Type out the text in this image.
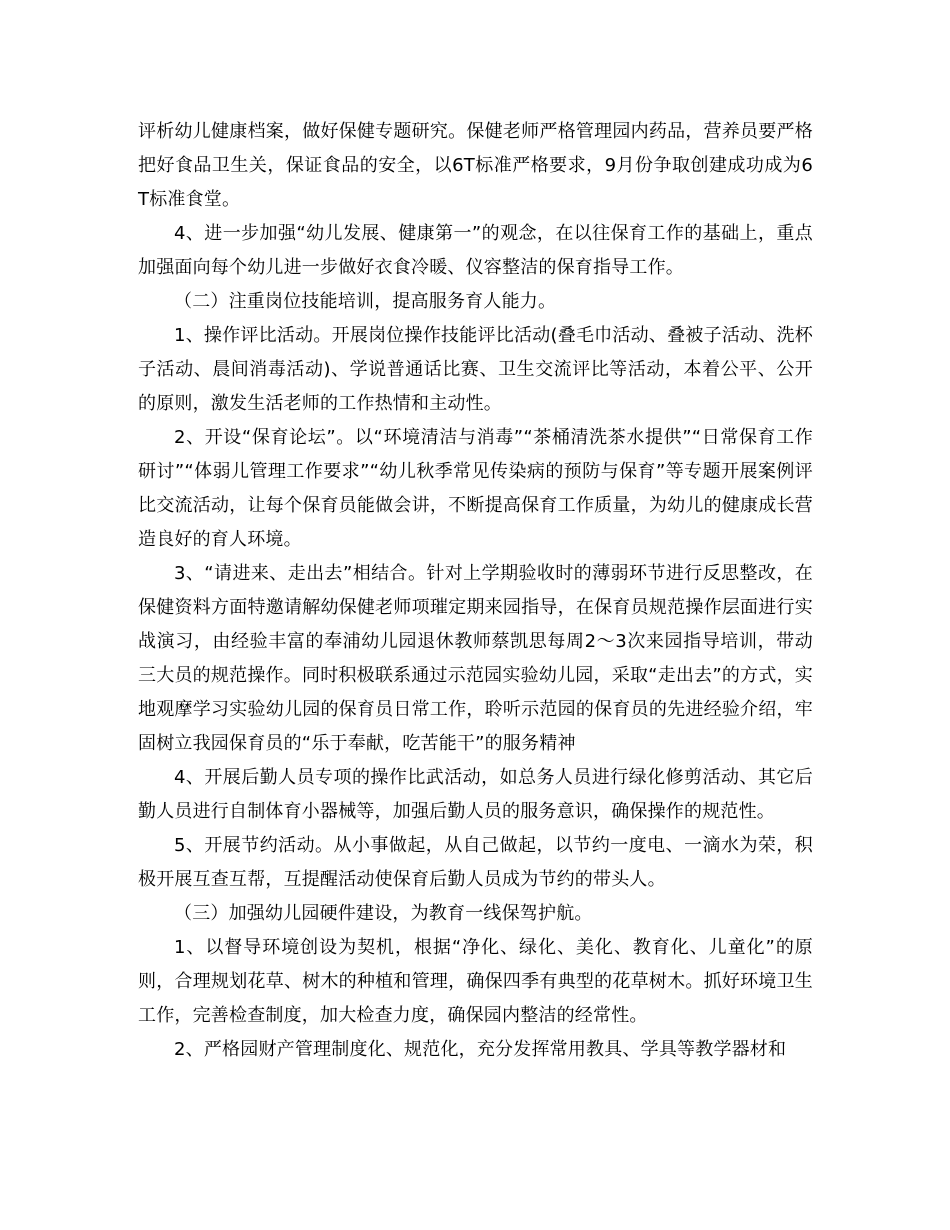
评析幼儿健康档案，做好保健专题研究。保健老师严格管理园内药品，营养员要严格把好食品卫生关，保证食品的安全，以6T标准严格要求，9月份争取创建成功成为6T标准食堂。

4、进一步加强“幼儿发展、健康第一”的观念，在以往保育工作的基础上，重点加强面向每个幼儿进一步做好衣食冷暖、仪容整洁的保育指导工作。

（二）注重岗位技能培训，提高服务育人能力。

1、操作评比活动。开展岗位操作技能评比活动(叠毛巾活动、叠被子活动、洗杯子活动、晨间消毒活动)、学说普通话比赛、卫生交流评比等活动，本着公平、公开的原则，激发生活老师的工作热情和主动性。

2、开设“保育论坛”。以“环境清洁与消毒”“茶桶清洗茶水提供”“日常保育工作研讨”“体弱儿管理工作要求”“幼儿秋季常见传染病的预防与保育”等专题开展案例评比交流活动，让每个保育员能做会讲，不断提高保育工作质量，为幼儿的健康成长营造良好的育人环境。

3、“请进来、走出去”相结合。针对上学期验收时的薄弱环节进行反思整改，在保健资料方面特邀请解幼保健老师项璀定期来园指导，在保育员规范操作层面进行实战演习，由经验丰富的奉浦幼儿园退休教师蔡凯思每周2～3次来园指导培训，带动三大员的规范操作。同时积极联系通过示范园实验幼儿园，采取“走出去”的方式，实地观摩学习实验幼儿园的保育员日常工作，聆听示范园的保育员的先进经验介绍，牢固树立我园保育员的“乐于奉献，吃苦能干”的服务精神

4、开展后勤人员专项的操作比武活动，如总务人员进行绿化修剪活动、其它后勤人员进行自制体育小器械等，加强后勤人员的服务意识，确保操作的规范性。

5、开展节约活动。从小事做起，从自己做起，以节约一度电、一滴水为荣，积极开展互查互帮，互提醒活动使保育后勤人员成为节约的带头人。

（三）加强幼儿园硬件建设，为教育一线保驾护航。

1、以督导环境创设为契机，根据“净化、绿化、美化、教育化、儿童化”的原则，合理规划花草、树木的种植和管理，确保四季有典型的花草树木。抓好环境卫生工作，完善检查制度，加大检查力度，确保园内整洁的经常性。

2、严格园财产管理制度化、规范化，充分发挥常用教具、学具等教学器材和
